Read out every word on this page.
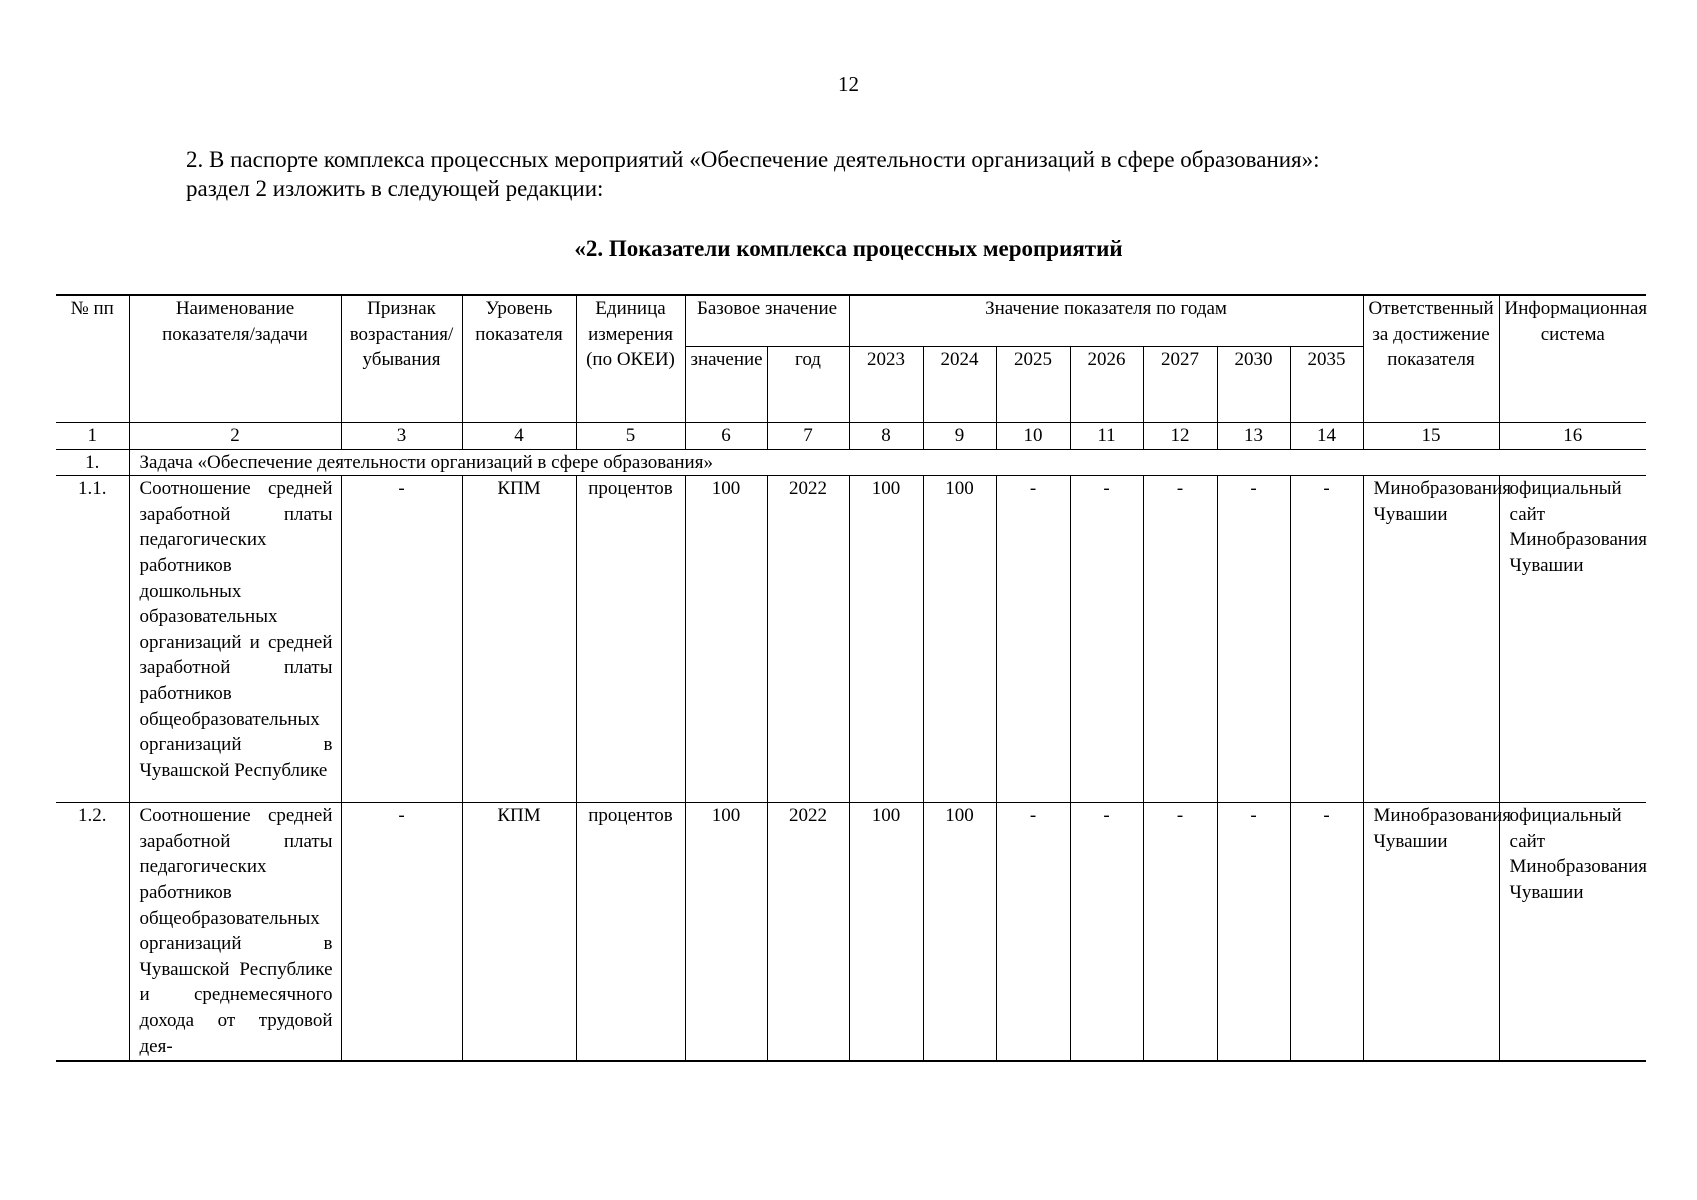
12

2. В паспорте комплекса процессных мероприятий «Обеспечение деятельности организаций в сфере образования»:

раздел 2 изложить в следующей редакции:

«2. Показатели комплекса процессных мероприятий
№ пп	Наименование показателя/задачи	Признак возрастания/убывания	Уровень показателя	Единица измерения (по ОКЕИ)	Базовое значение		Значение показателя по годам							Ответственный за достижение показателя	Информационная система
					значение	год	2023	2024	2025	2026	2027	2030	2035		
1	2	3	4	5	6	7	8	9	10	11	12	13	14	15	16
1.	Задача «Обеспечение деятельности организаций в сфере образования»														
1.1.	Соотношение средней заработной платы педагогических работников дошкольных образовательных организаций и средней заработной платы работников общеобразовательных организаций в Чувашской Республике	-	КПМ	процентов	100	2022	100	100	-	-	-	-	-	Минобразования Чувашии	официальный сайт Минобразования Чувашии
1.2.	Соотношение средней заработной платы педагогических работников общеобразовательных организаций в Чувашской Республике и среднемесячного дохода от трудовой дея-	-	КПМ	процентов	100	2022	100	100	-	-	-	-	-	Минобразования Чувашии	официальный сайт Минобразования Чувашии
